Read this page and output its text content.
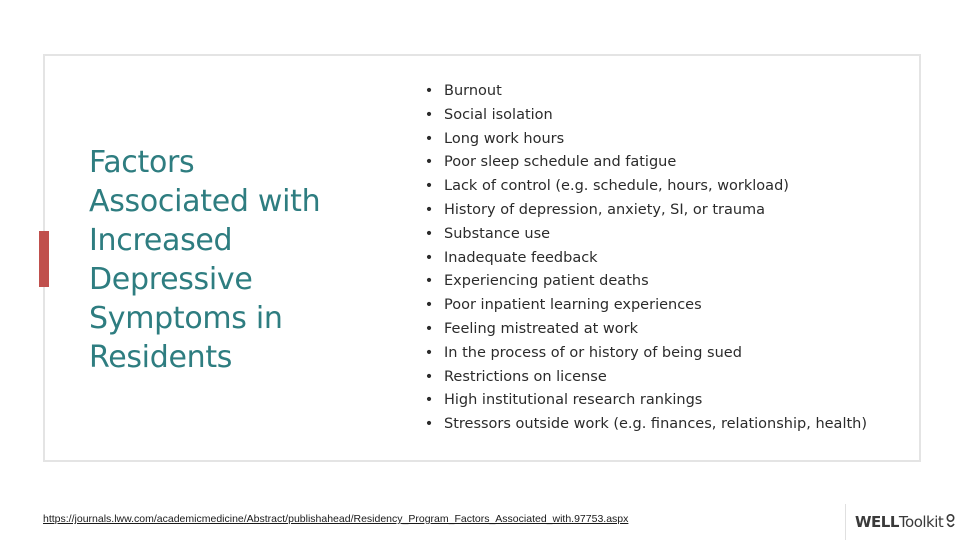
Factors Associated with Increased Depressive Symptoms in Residents
• Burnout
• Social isolation
• Long work hours
• Poor sleep schedule and fatigue
• Lack of control (e.g. schedule, hours, workload)
• History of depression, anxiety, SI, or trauma
• Substance use
• Inadequate feedback
• Experiencing patient deaths
• Poor inpatient learning experiences
• Feeling mistreated at work
• In the process of or history of being sued
• Restrictions on license
• High institutional research rankings
• Stressors outside work (e.g. finances, relationship, health)
https://journals.lww.com/academicmedicine/Abstract/publishahead/Residency_Program_Factors_Associated_with.97753.aspx	WELL Toolkit
